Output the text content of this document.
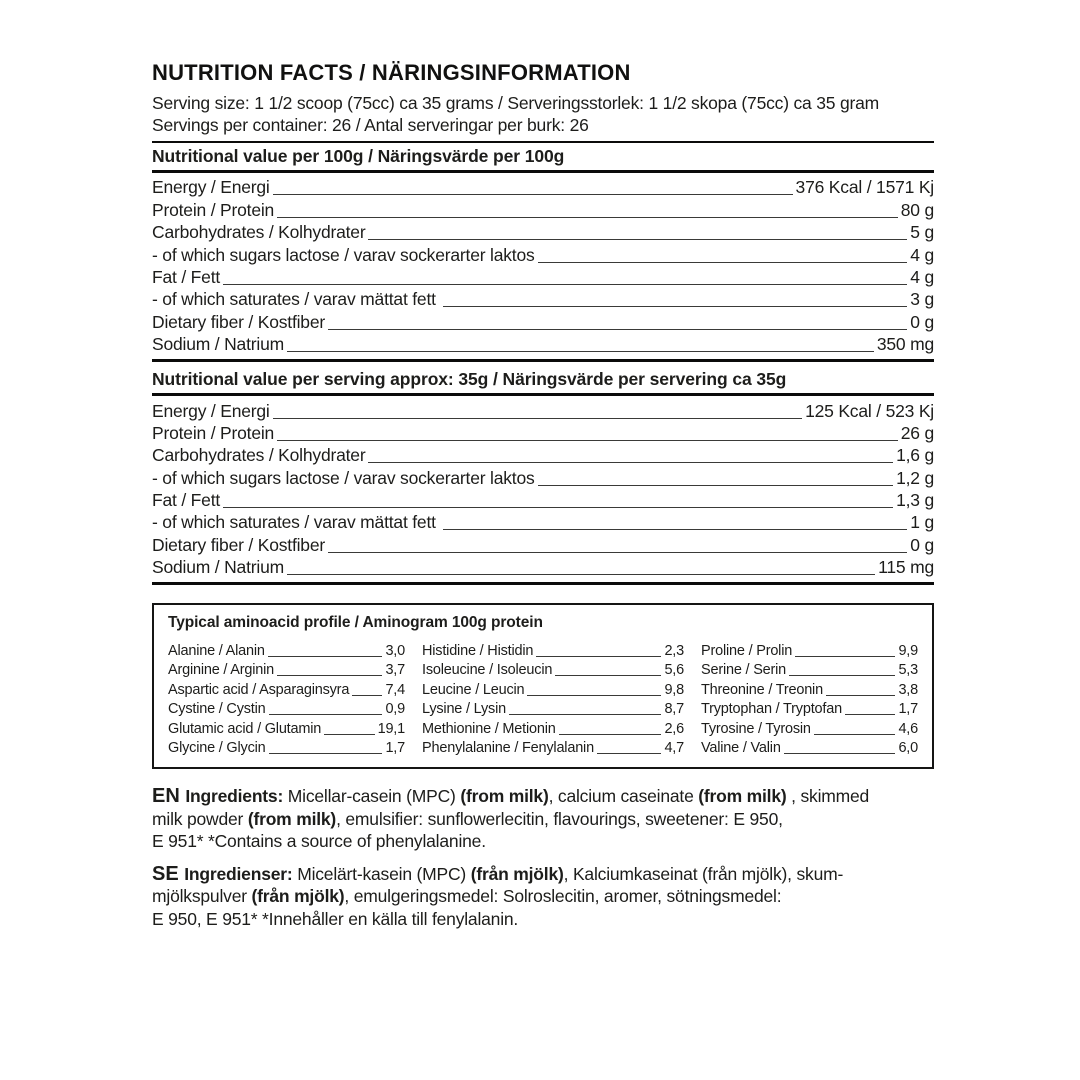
NUTRITION FACTS / NÄRINGSINFORMATION
Serving size: 1 1/2 scoop (75cc) ca 35 grams / Serveringsstorlek: 1 1/2 skopa (75cc) ca 35 gram
Servings per container: 26 / Antal serveringar per burk: 26
Nutritional value per 100g / Näringsvärde per 100g
Energy / Energi	376 Kcal / 1571 Kj
Protein / Protein	80 g
Carbohydrates / Kolhydrater	5 g
- of which sugars lactose / varav sockerarter laktos	4 g
Fat / Fett	4 g
- of which saturates / varav mättat fett	3 g
Dietary fiber / Kostfiber	0 g
Sodium / Natrium	350 mg
Nutritional value per serving approx: 35g / Näringsvärde per servering ca 35g
Energy / Energi	125 Kcal / 523 Kj
Protein / Protein	26 g
Carbohydrates / Kolhydrater	1,6 g
- of which sugars lactose / varav sockerarter laktos	1,2 g
Fat / Fett	1,3 g
- of which saturates / varav mättat fett	1 g
Dietary fiber / Kostfiber	0 g
Sodium / Natrium	115 mg
Typical aminoacid profile / Aminogram 100g protein
Alanine / Alanin	3,0
Arginine / Arginin	3,7
Aspartic acid / Asparaginsyra	7,4
Cystine / Cystin	0,9
Glutamic acid / Glutamin	19,1
Glycine / Glycin	1,7
Histidine / Histidin	2,3
Isoleucine / Isoleucin	5,6
Leucine / Leucin	9,8
Lysine / Lysin	8,7
Methionine / Metionin	2,6
Phenylalanine / Fenylalanin	4,7
Proline / Prolin	9,9
Serine / Serin	5,3
Threonine / Treonin	3,8
Tryptophan / Tryptofan	1,7
Tyrosine / Tyrosin	4,6
Valine / Valin	6,0

EN Ingredients: Micellar-casein (MPC) (from milk), calcium caseinate (from milk) , skimmed
milk powder (from milk), emulsifier: sunflowerlecitin, flavourings, sweetener: E 950,
E 951* *Contains a source of phenylalanine.

SE Ingredienser: Micelärt-kasein (MPC) (från mjölk), Kalciumkaseinat (från mjölk), skum-
mjölkspulver (från mjölk), emulgeringsmedel: Solroslecitin, aromer, sötningsmedel:
E 950, E 951* *Innehåller en källa till fenylalanin.
